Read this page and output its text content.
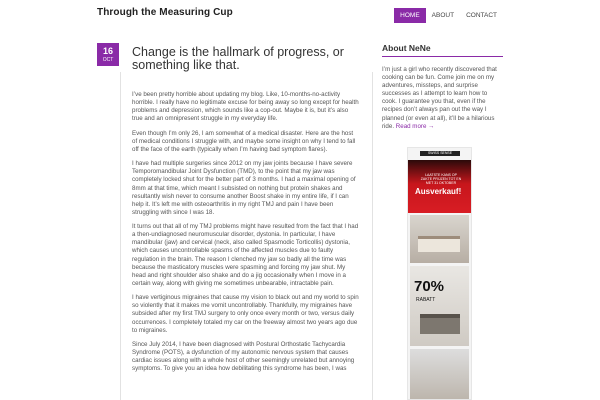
Through the Measuring Cup	HOME	ABOUT	CONTACT
16
OCT
Change is the hallmark of progress, or something like that.

I’ve been pretty horrible about updating my blog. Like, 10-months-no-activity horrible. I really have no legitimate excuse for being away so long except for health problems and depression, which sounds like a cop-out. Maybe it is, but it’s also true and an omnipresent struggle in my everyday life.

Even though I’m only 26, I am somewhat of a medical disaster. Here are the host of medical conditions I struggle with, and maybe some insight on why I tend to fall off the face of the earth (typically when I’m having bad symptom flares).

I have had multiple surgeries since 2012 on my jaw joints because I have severe Temporomandibular Joint Dysfunction (TMD), to the point that my jaw was completely locked shut for the better part of 3 months. I had a maximal opening of 8mm at that time, which meant I subsisted on nothing but protein shakes and resultantly wish never to consume another Boost shake in my entire life, if I can help it. It’s left me with osteoarthritis in my right TMJ and pain I have been struggling with since I was 18.

It turns out that all of my TMJ problems might have resulted from the fact that I had a then-undiagnosed neuromuscular disorder, dystonia. In particular, I have mandibular (jaw) and cervical (neck, also called Spasmodic Torticollis) dystonia, which causes uncontrollable spasms of the affected muscles due to faulty regulation in the brain. The reason I clenched my jaw so badly all the time was because the masticatory muscles were spasming and forcing my jaw shut. My head and right shoulder also shake and do a jig occasionally when I move in a certain way, along with giving me sometimes unbearable, intractable pain.

I have vertiginous migraines that cause my vision to black out and my world to spin so violently that it makes me vomit uncontrollably. Thankfully, my migraines have subsided after my first TMJ surgery to only once every month or two, versus daily occurrences. I completely totaled my car on the freeway almost two years ago due to migraines.

Since July 2014, I have been diagnosed with Postural Orthostatic Tachycardia Syndrome (POTS), a dysfunction of my autonomic nervous system that causes cardiac issues along with a whole host of other seemingly unrelated but annoying symptoms. To give you an idea how debilitating this syndrome has been, I was

About NeNe
I’m just a girl who recently discovered that cooking can be fun. Come join me on my adventures, missteps, and surprise successes as I attempt to learn how to cook. I guarantee you that, even if the recipes don’t always pan out the way I planned (or even at all), it’ll be a hilarious ride. Read more →
SWISS SENSE
LAATSTE KANS OP ZAKTE PRIJZEN TOT EN MET 31 OKTOBER
Ausverkauf!
70%
RABATT
